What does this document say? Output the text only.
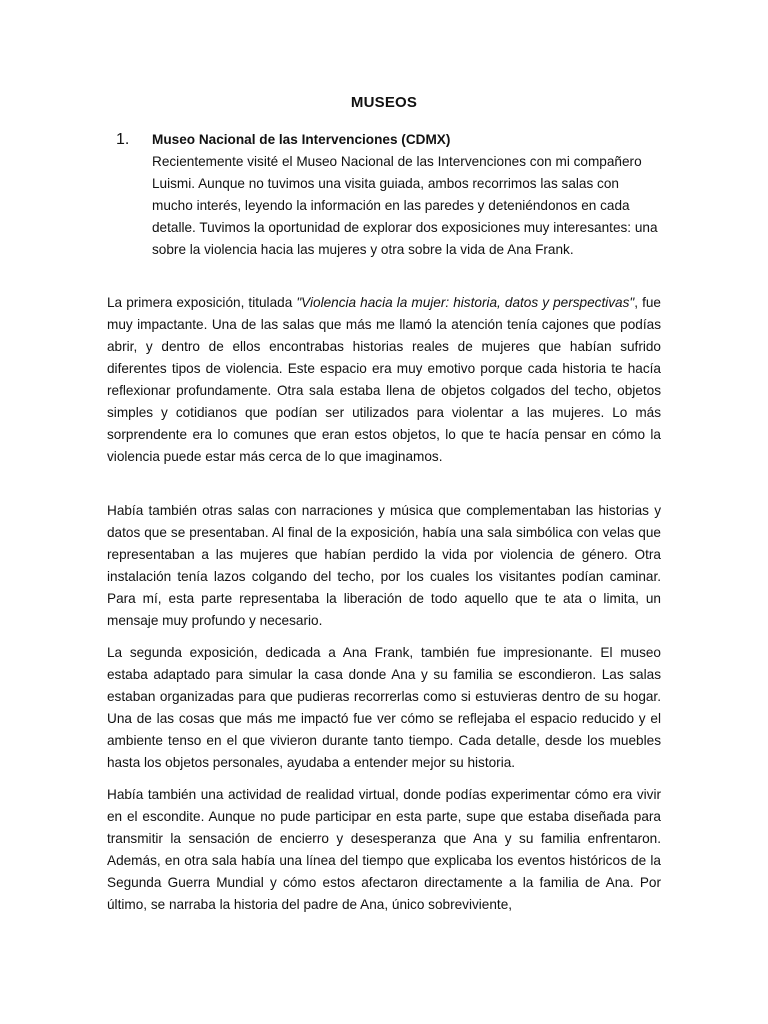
MUSEOS
1. Museo Nacional de las Intervenciones (CDMX)
Recientemente visité el Museo Nacional de las Intervenciones con mi compañero Luismi. Aunque no tuvimos una visita guiada, ambos recorrimos las salas con mucho interés, leyendo la información en las paredes y deteniéndonos en cada detalle. Tuvimos la oportunidad de explorar dos exposiciones muy interesantes: una sobre la violencia hacia las mujeres y otra sobre la vida de Ana Frank.

La primera exposición, titulada "Violencia hacia la mujer: historia, datos y perspectivas", fue muy impactante. Una de las salas que más me llamó la atención tenía cajones que podías abrir, y dentro de ellos encontrabas historias reales de mujeres que habían sufrido diferentes tipos de violencia. Este espacio era muy emotivo porque cada historia te hacía reflexionar profundamente. Otra sala estaba llena de objetos colgados del techo, objetos simples y cotidianos que podían ser utilizados para violentar a las mujeres. Lo más sorprendente era lo comunes que eran estos objetos, lo que te hacía pensar en cómo la violencia puede estar más cerca de lo que imaginamos.

Había también otras salas con narraciones y música que complementaban las historias y datos que se presentaban. Al final de la exposición, había una sala simbólica con velas que representaban a las mujeres que habían perdido la vida por violencia de género. Otra instalación tenía lazos colgando del techo, por los cuales los visitantes podían caminar. Para mí, esta parte representaba la liberación de todo aquello que te ata o limita, un mensaje muy profundo y necesario.

La segunda exposición, dedicada a Ana Frank, también fue impresionante. El museo estaba adaptado para simular la casa donde Ana y su familia se escondieron. Las salas estaban organizadas para que pudieras recorrerlas como si estuvieras dentro de su hogar. Una de las cosas que más me impactó fue ver cómo se reflejaba el espacio reducido y el ambiente tenso en el que vivieron durante tanto tiempo. Cada detalle, desde los muebles hasta los objetos personales, ayudaba a entender mejor su historia.

Había también una actividad de realidad virtual, donde podías experimentar cómo era vivir en el escondite. Aunque no pude participar en esta parte, supe que estaba diseñada para transmitir la sensación de encierro y desesperanza que Ana y su familia enfrentaron. Además, en otra sala había una línea del tiempo que explicaba los eventos históricos de la Segunda Guerra Mundial y cómo estos afectaron directamente a la familia de Ana. Por último, se narraba la historia del padre de Ana, único sobreviviente,
